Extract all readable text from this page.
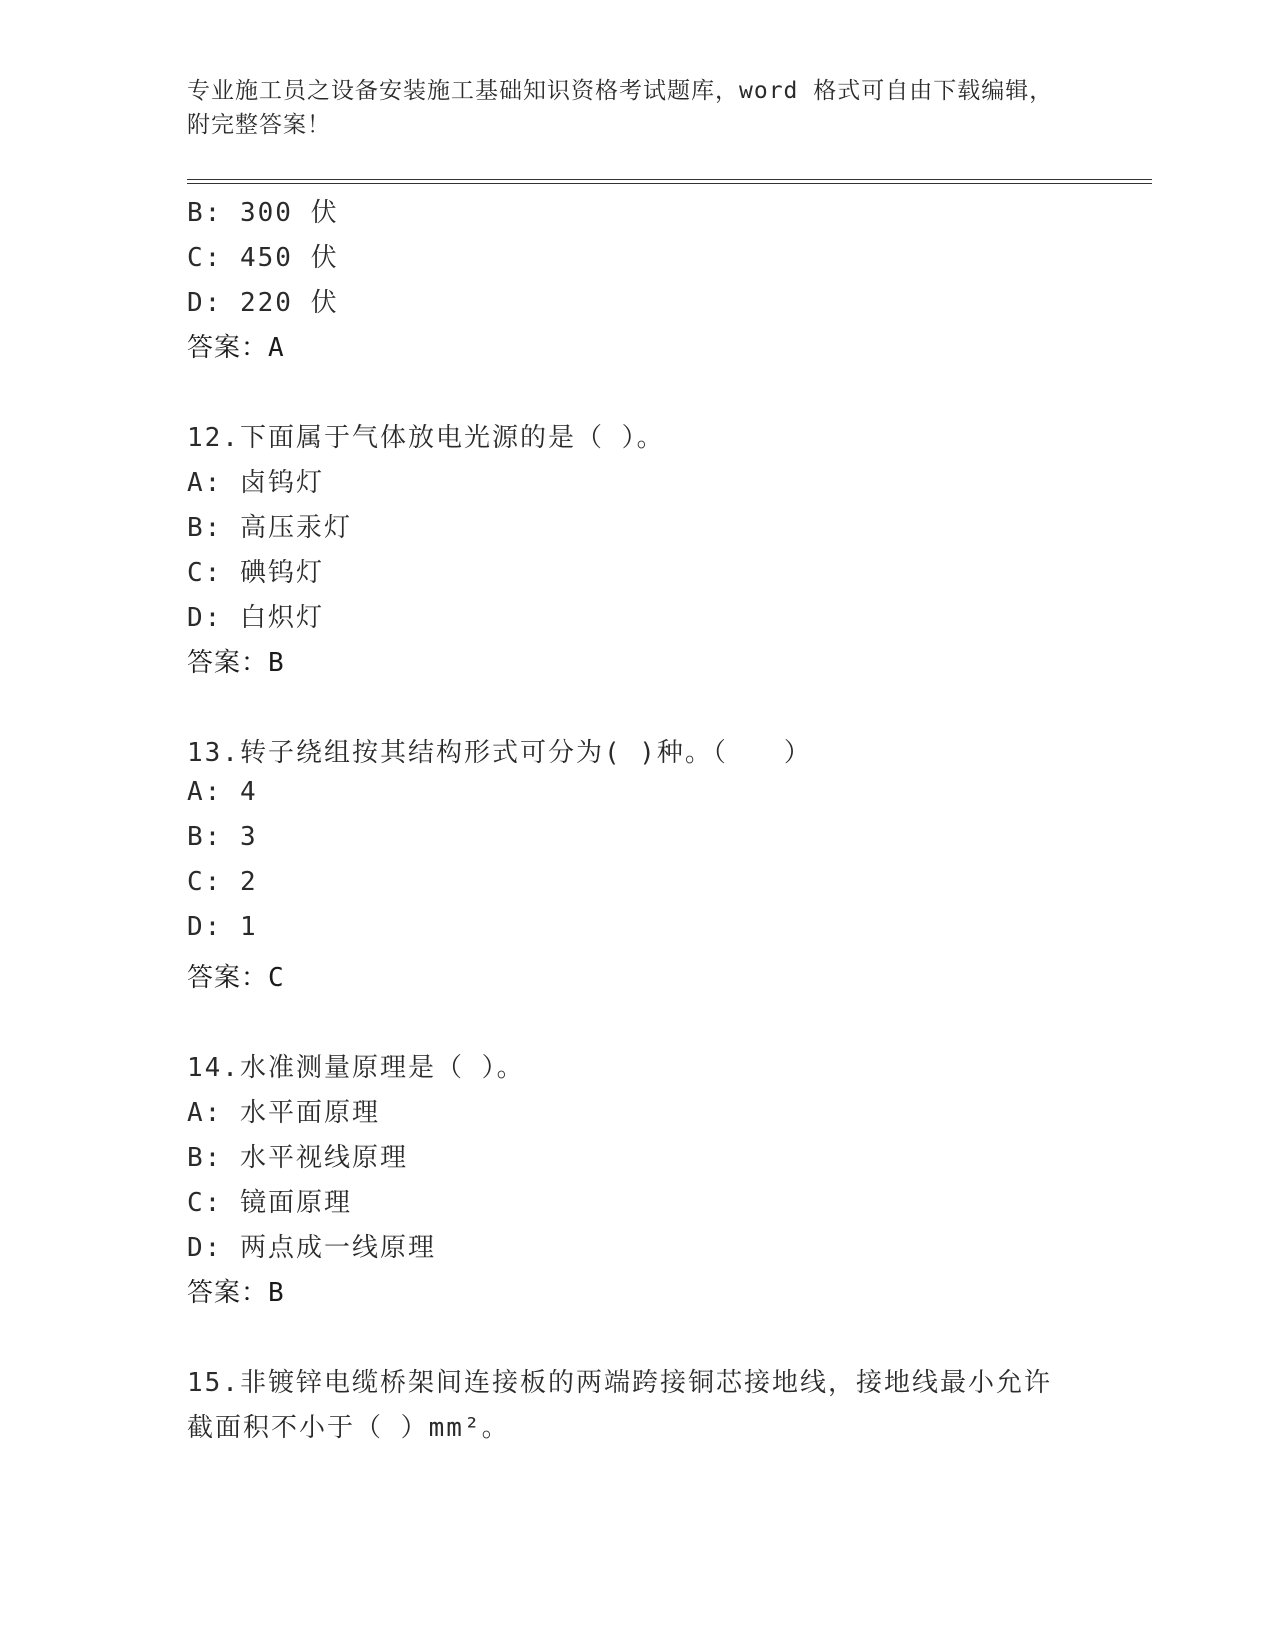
专业施工员之设备安装施工基础知识资格考试题库，word 格式可自由下载编辑，
附完整答案！
B: 300 伏
C: 450 伏
D: 220 伏
答案：A
12.下面属于气体放电光源的是（ ）。
A: 卤钨灯
B: 高压汞灯
C: 碘钨灯
D: 白炽灯
答案：B
13.转子绕组按其结构形式可分为( )种。（　　）
A: 4
B: 3
C: 2
D: 1
答案：C
14.水准测量原理是（ ）。
A: 水平面原理
B: 水平视线原理
C: 镜面原理
D: 两点成一线原理
答案：B
15.非镀锌电缆桥架间连接板的两端跨接铜芯接地线，接地线最小允许
截面积不小于（ ）mm²。
